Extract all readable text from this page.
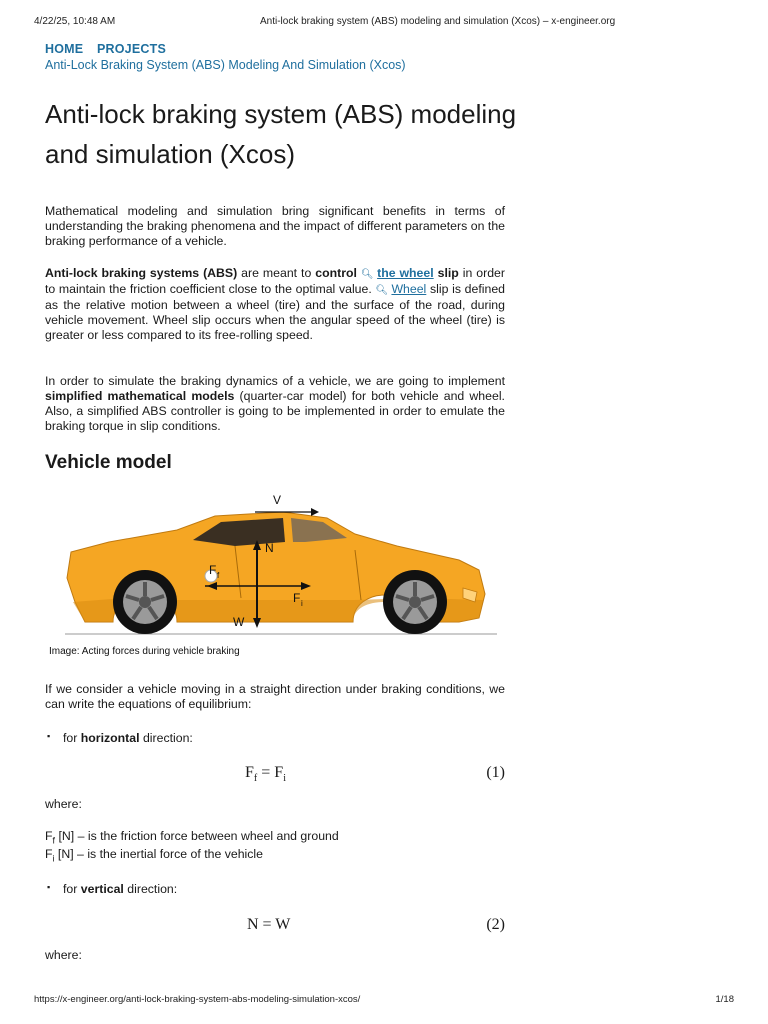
4/22/25, 10:48 AM	Anti-lock braking system (ABS) modeling and simulation (Xcos) – x-engineer.org
HOME PROJECTS
Anti-Lock Braking System (ABS) Modeling And Simulation (Xcos)
Anti-lock braking system (ABS) modeling and simulation (Xcos)

Mathematical modeling and simulation bring significant benefits in terms of understanding the braking phenomena and the impact of different parameters on the braking performance of a vehicle.

Anti-lock braking systems (ABS) are meant to control 🔍︎ the wheel slip in order to maintain the friction coefficient close to the optimal value. 🔍︎ Wheel slip is defined as the relative motion between a wheel (tire) and the surface of the road, during vehicle movement. Wheel slip occurs when the angular speed of the wheel (tire) is greater or less compared to its free-rolling speed.

In order to simulate the braking dynamics of a vehicle, we are going to implement simplified mathematical models (quarter-car model) for both vehicle and wheel. Also, a simplified ABS controller is going to be implemented in order to emulate the braking torque in slip conditions.

Vehicle model
V
N
W
F f
F i
Image: Acting forces during vehicle braking

If we consider a vehicle moving in a straight direction under braking conditions, we can write the equations of equilibrium:

▪ for horizontal direction:
$F_f = F_i$	(1)
where:
$F_f$ [N] – is the friction force between wheel and ground
$F_i$ [N] – is the inertial force of the vehicle
▪ for vertical direction:
N = W	(2)
where:
https://x-engineer.org/anti-lock-braking-system-abs-modeling-simulation-xcos/	1/18
